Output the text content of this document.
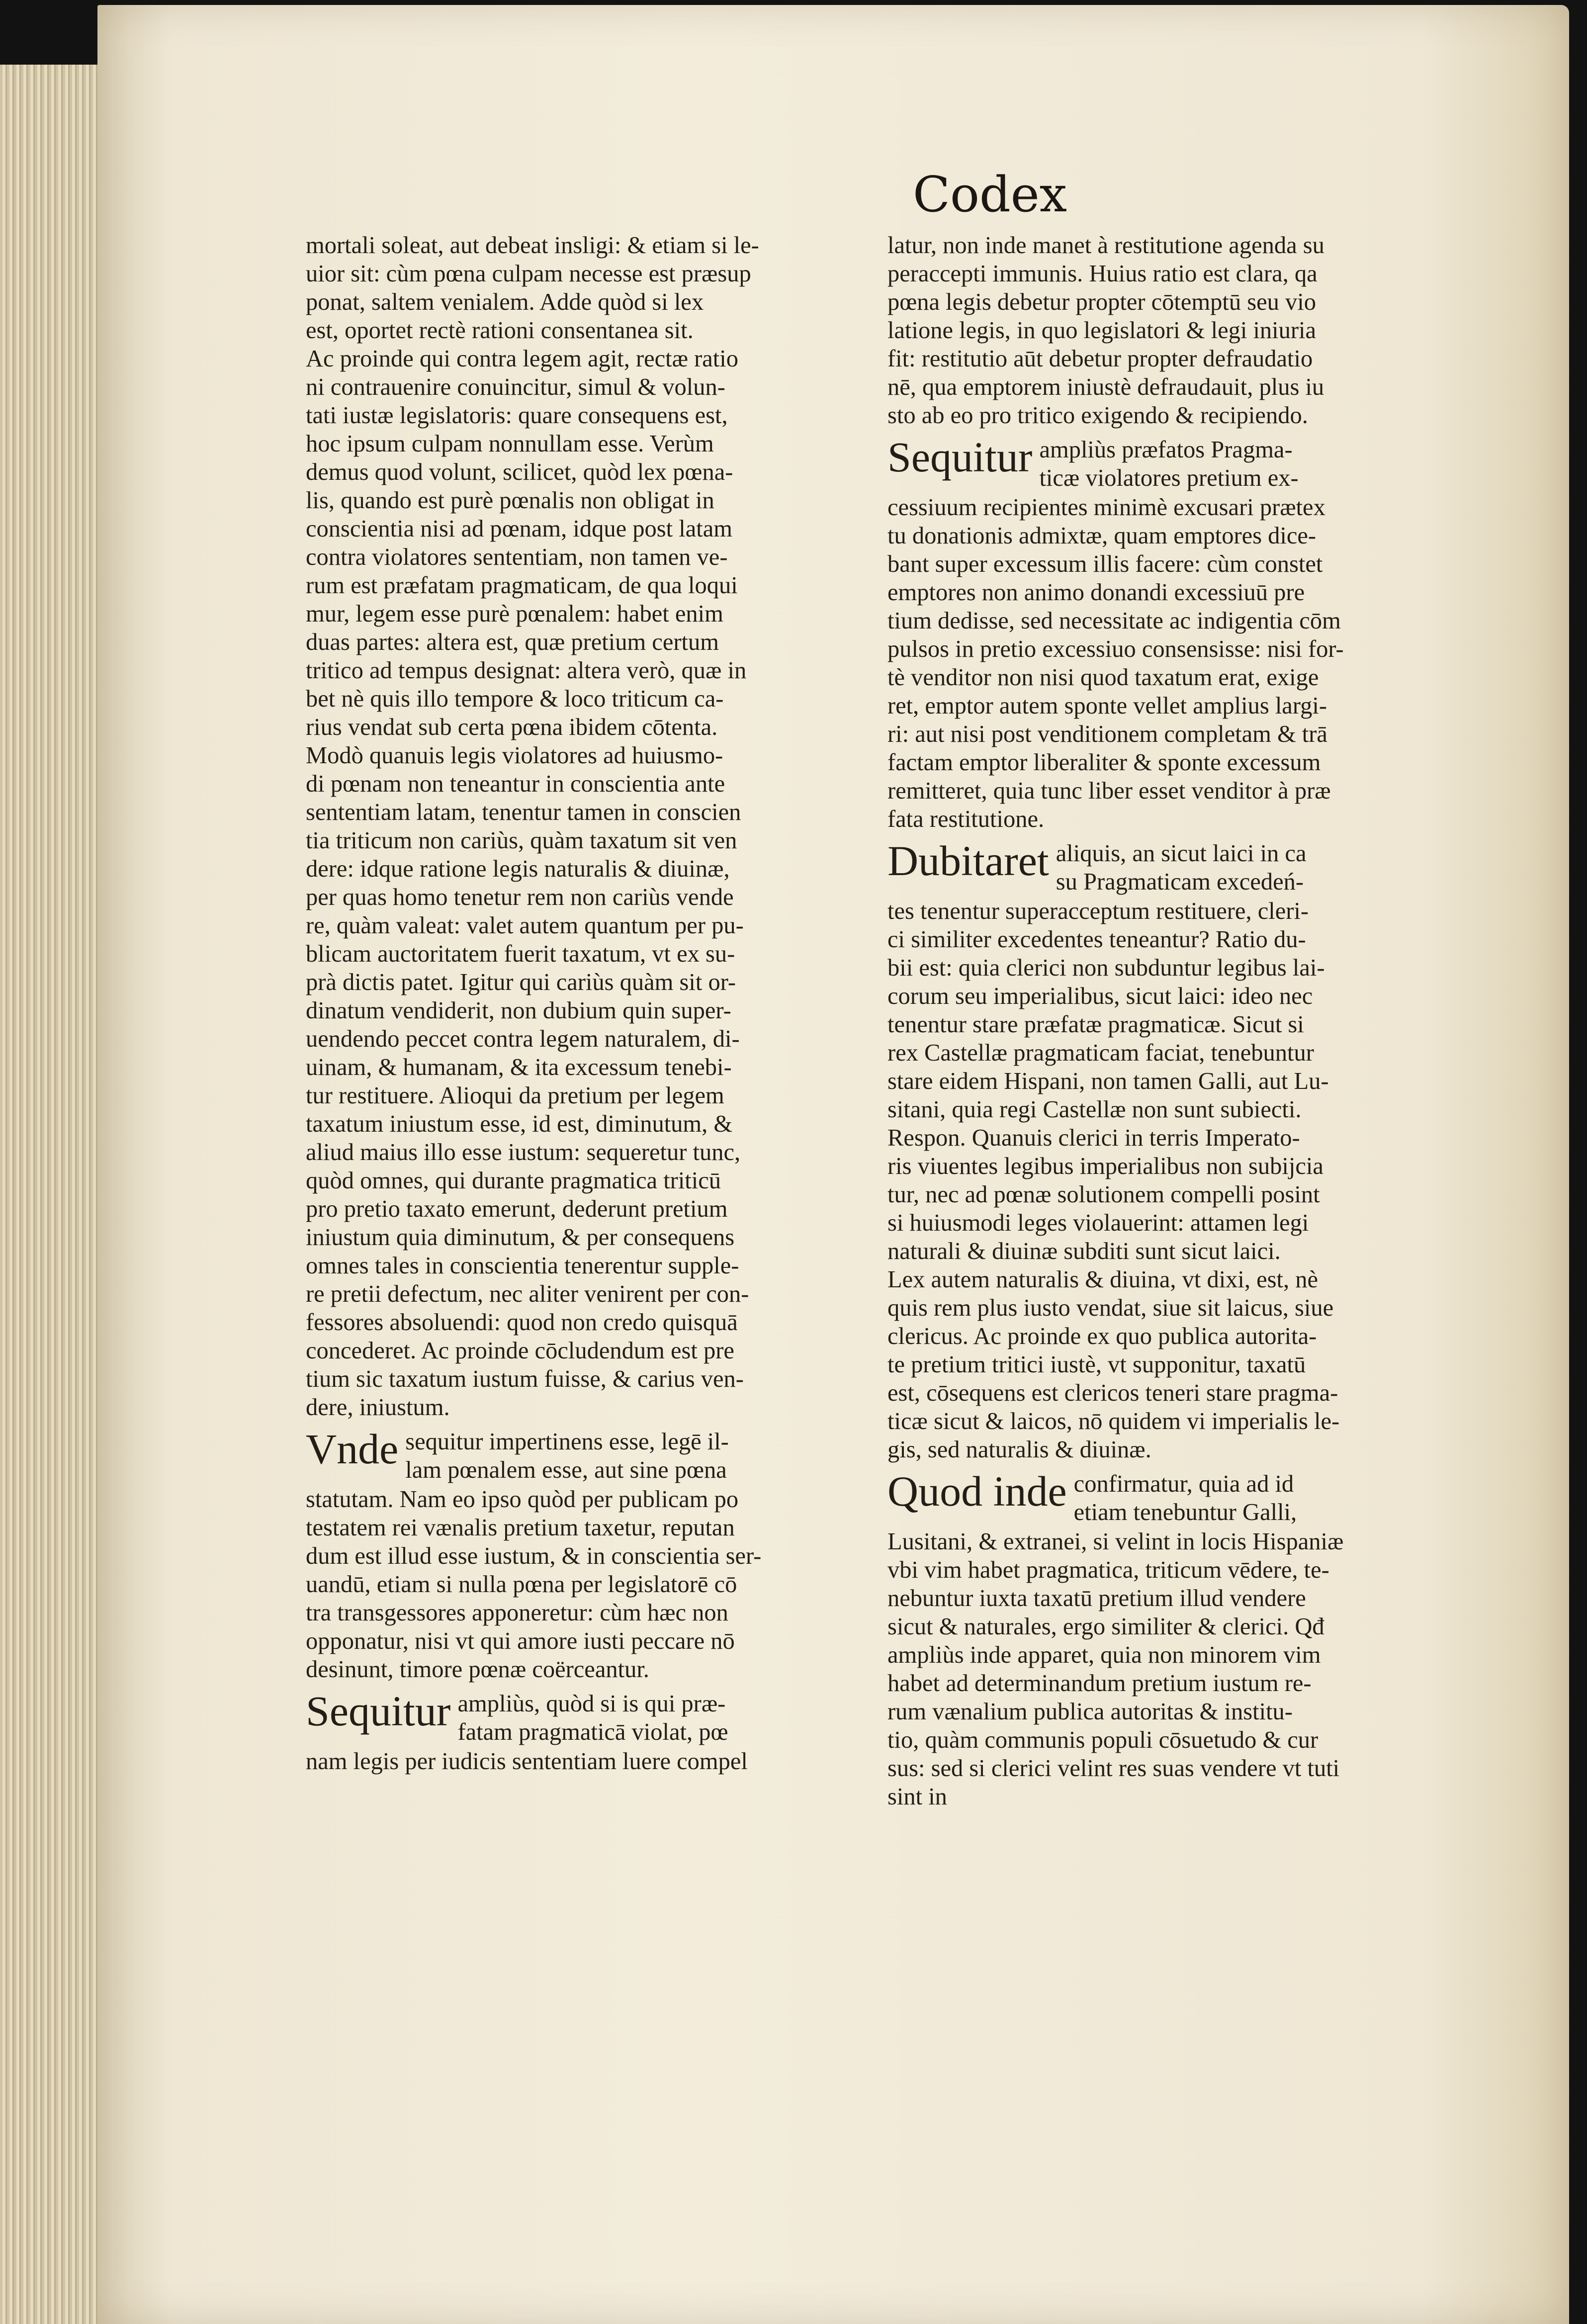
Codex
mortali soleat, aut debeat insligi: & etiam si le-
uior sit: cùm pœna culpam necesse est præsup
ponat, saltem venialem. Adde quòd si lex
est, oportet rectè rationi consentanea sit.
Ac proinde qui contra legem agit, rectæ ratio
ni contrauenire conuincitur, simul & volun-
tati iustæ legislatoris: quare consequens est,
hoc ipsum culpam nonnullam esse. Verùm
demus quod volunt, scilicet, quòd lex pœna-
lis, quando est purè pœnalis non obligat in
conscientia nisi ad pœnam, idque post latam
contra violatores sententiam, non tamen ve-
rum est præfatam pragmaticam, de qua loqui
mur, legem esse purè pœnalem: habet enim
duas partes: altera est, quæ pretium certum
tritico ad tempus designat: altera verò, quæ in
bet nè quis illo tempore & loco triticum ca-
rius vendat sub certa pœna ibidem cōtenta.
Modò quanuis legis violatores ad huiusmo-
di pœnam non teneantur in conscientia ante
sententiam latam, tenentur tamen in conscien
tia triticum non cariùs, quàm taxatum sit ven
dere: idque ratione legis naturalis & diuinæ,
per quas homo tenetur rem non cariùs vende
re, quàm valeat: valet autem quantum per pu-
blicam auctoritatem fuerit taxatum, vt ex su-
prà dictis patet. Igitur qui cariùs quàm sit or-
dinatum vendiderit, non dubium quin super-
uendendo peccet contra legem naturalem, di-
uinam, & humanam, & ita excessum tenebi-
tur restituere. Alioqui da pretium per legem
taxatum iniustum esse, id est, diminutum, &
aliud maius illo esse iustum: sequeretur tunc,
quòd omnes, qui durante pragmatica triticū
pro pretio taxato emerunt, dederunt pretium
iniustum quia diminutum, & per consequens
omnes tales in conscientia tenerentur supple-
re pretii defectum, nec aliter venirent per con-
fessores absoluendi: quod non credo quisquā
concederet. Ac proinde cōcludendum est pre
tium sic taxatum iustum fuisse, & carius ven-
dere, iniustum.
Vnde sequitur impertinens esse, legē il-
lam pœnalem esse, aut sine pœna
statutam. Nam eo ipso quòd per publicam po
testatem rei vænalis pretium taxetur, reputan
dum est illud esse iustum, & in conscientia ser-
uandū, etiam si nulla pœna per legislatorē cō
tra transgessores apponeretur: cùm hæc non
opponatur, nisi vt qui amore iusti peccare nō
desinunt, timore pœnæ coërceantur.
Sequitur ampliùs, quòd si is qui præ-
fatam pragmaticā violat, pœ
nam legis per iudicis sententiam luere compel
latur, non inde manet à restitutione agenda su
peraccepti immunis. Huius ratio est clara, qa
pœna legis debetur propter cōtemptū seu vio
latione legis, in quo legislatori & legi iniuria
fit: restitutio aūt debetur propter defraudatio
nē, qua emptorem iniustè defraudauit, plus iu
sto ab eo pro tritico exigendo & recipiendo.
Sequitur ampliùs præfatos Pragma-
ticæ violatores pretium ex-
cessiuum recipientes minimè excusari prætex
tu donationis admixtæ, quam emptores dice-
bant super excessum illis facere: cùm constet
emptores non animo donandi excessiuū pre
tium dedisse, sed necessitate ac indigentia cōm
pulsos in pretio excessiuo consensisse: nisi for-
tè venditor non nisi quod taxatum erat, exige
ret, emptor autem sponte vellet amplius largi-
ri: aut nisi post venditionem completam & trā
factam emptor liberaliter & sponte excessum
remitteret, quia tunc liber esset venditor à præ
fata restitutione.
Dubitaret aliquis, an sicut laici in ca
su Pragmaticam excedeń-
tes tenentur superacceptum restituere, cleri-
ci similiter excedentes teneantur? Ratio du-
bii est: quia clerici non subduntur legibus lai-
corum seu imperialibus, sicut laici: ideo nec
tenentur stare præfatæ pragmaticæ. Sicut si
rex Castellæ pragmaticam faciat, tenebuntur
stare eidem Hispani, non tamen Galli, aut Lu-
sitani, quia regi Castellæ non sunt subiecti.
Respon. Quanuis clerici in terris Imperato-
ris viuentes legibus imperialibus non subijcia
tur, nec ad pœnæ solutionem compelli posint
si huiusmodi leges violauerint: attamen legi
naturali & diuinæ subditi sunt sicut laici.
Lex autem naturalis & diuina, vt dixi, est, nè
quis rem plus iusto vendat, siue sit laicus, siue
clericus. Ac proinde ex quo publica autorita-
te pretium tritici iustè, vt supponitur, taxatū
est, cōsequens est clericos teneri stare pragma-
ticæ sicut & laicos, nō quidem vi imperialis le-
gis, sed naturalis & diuinæ.
Quod inde confirmatur, quia ad id
etiam tenebuntur Galli,
Lusitani, & extranei, si velint in locis Hispaniæ
vbi vim habet pragmatica, triticum vēdere, te-
nebuntur iuxta taxatū pretium illud vendere
sicut & naturales, ergo similiter & clerici. Qđ
ampliùs inde apparet, quia non minorem vim
habet ad determinandum pretium iustum re-
rum vænalium publica autoritas & institu-
tio, quàm communis populi cōsuetudo & cur
sus: sed si clerici velint res suas vendere vt tuti
sint in
